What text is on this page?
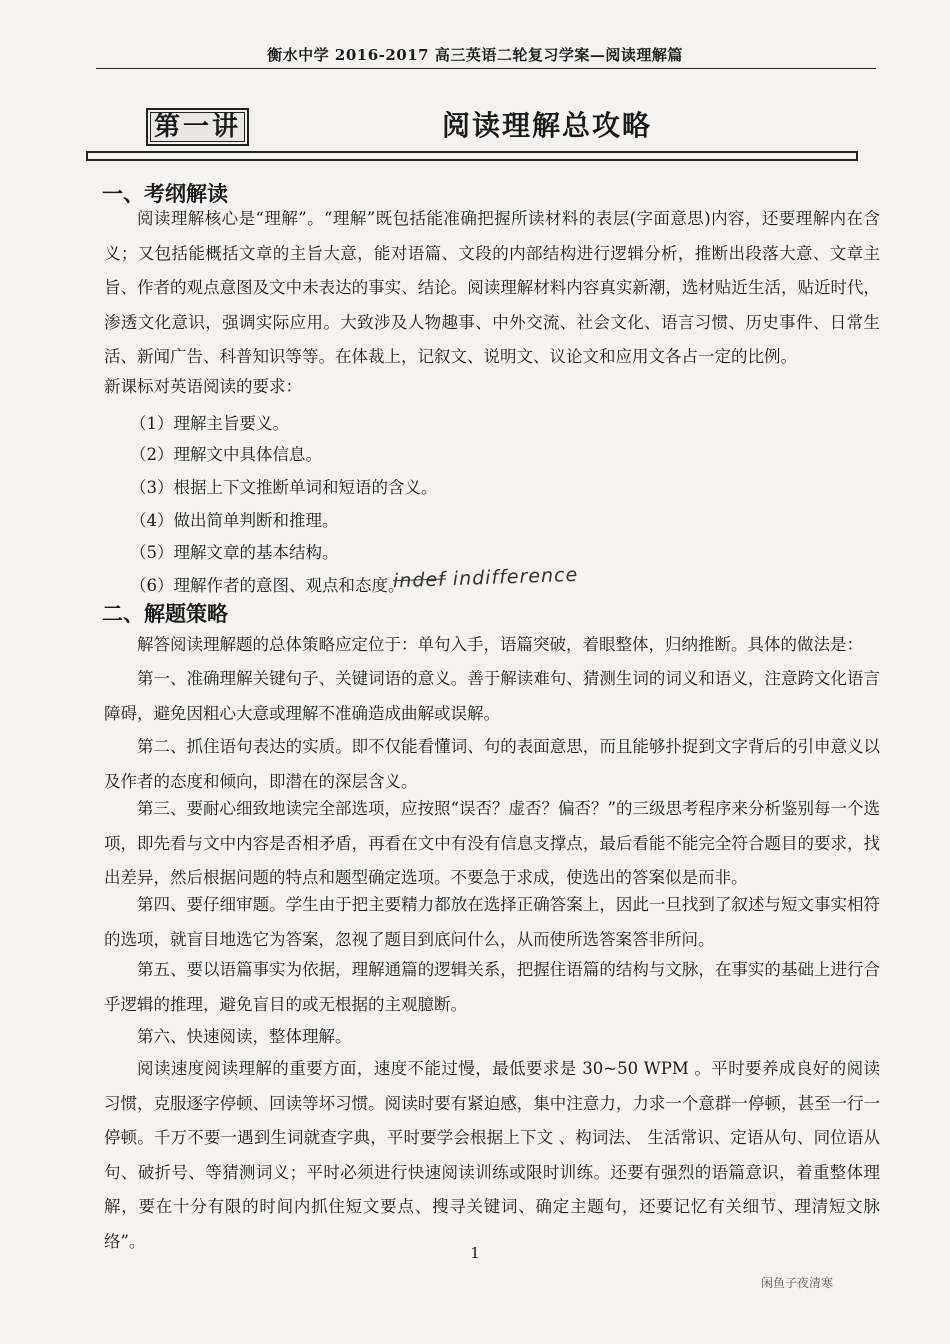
衡水中学 2016-2017 高三英语二轮复习学案—阅读理解篇
第一讲	阅读理解总攻略
一、考纲解读

阅读理解核心是“理解”。“理解”既包括能准确把握所读材料的表层(字面意思)内容，还要理解内在含义；又包括能概括文章的主旨大意，能对语篇、文段的内部结构进行逻辑分析，推断出段落大意、文章主旨、作者的观点意图及文中未表达的事实、结论。阅读理解材料内容真实新潮，选材贴近生活，贴近时代，渗透文化意识，强调实际应用。大致涉及人物趣事、中外交流、社会文化、语言习惯、历史事件、日常生活、新闻广告、科普知识等等。在体裁上，记叙文、说明文、议论文和应用文各占一定的比例。

新课标对英语阅读的要求：

（1）理解主旨要义。
（2）理解文中具体信息。
（3）根据上下文推断单词和短语的含义。
（4）做出简单判断和推理。
（5）理解文章的基本结构。
（6）理解作者的意图、观点和态度。
indef indifference
二、解题策略

解答阅读理解题的总体策略应定位于：单句入手，语篇突破，着眼整体，归纳推断。具体的做法是：

第一、准确理解关键句子、关键词语的意义。善于解读难句、猜测生词的词义和语义，注意跨文化语言障碍，避免因粗心大意或理解不准确造成曲解或误解。

第二、抓住语句表达的实质。即不仅能看懂词、句的表面意思，而且能够扑捉到文字背后的引申意义以及作者的态度和倾向，即潜在的深层含义。

第三、要耐心细致地读完全部选项，应按照“误否？虚否？偏否？”的三级思考程序来分析鉴别每一个选项，即先看与文中内容是否相矛盾，再看在文中有没有信息支撑点，最后看能不能完全符合题目的要求，找出差异，然后根据问题的特点和题型确定选项。不要急于求成，使选出的答案似是而非。

第四、要仔细审题。学生由于把主要精力都放在选择正确答案上，因此一旦找到了叙述与短文事实相符的选项，就盲目地选它为答案，忽视了题目到底问什么，从而使所选答案答非所问。

第五、要以语篇事实为依据，理解通篇的逻辑关系，把握住语篇的结构与文脉，在事实的基础上进行合乎逻辑的推理，避免盲目的或无根据的主观臆断。

第六、快速阅读，整体理解。

阅读速度阅读理解的重要方面，速度不能过慢，最低要求是 30~50 WPM 。平时要养成良好的阅读习惯，克服逐字停顿、回读等坏习惯。阅读时要有紧迫感，集中注意力，力求一个意群一停顿，甚至一行一停顿。千万不要一遇到生词就查字典，平时要学会根据上下文 、构词法、 生活常识、定语从句、同位语从句、破折号、等猜测词义；平时必须进行快速阅读训练或限时训练。还要有强烈的语篇意识，着重整体理解，要在十分有限的时间内抓住短文要点、搜寻关键词、确定主题句，还要记忆有关细节、理清短文脉络”。

1
闲鱼子夜清寒
